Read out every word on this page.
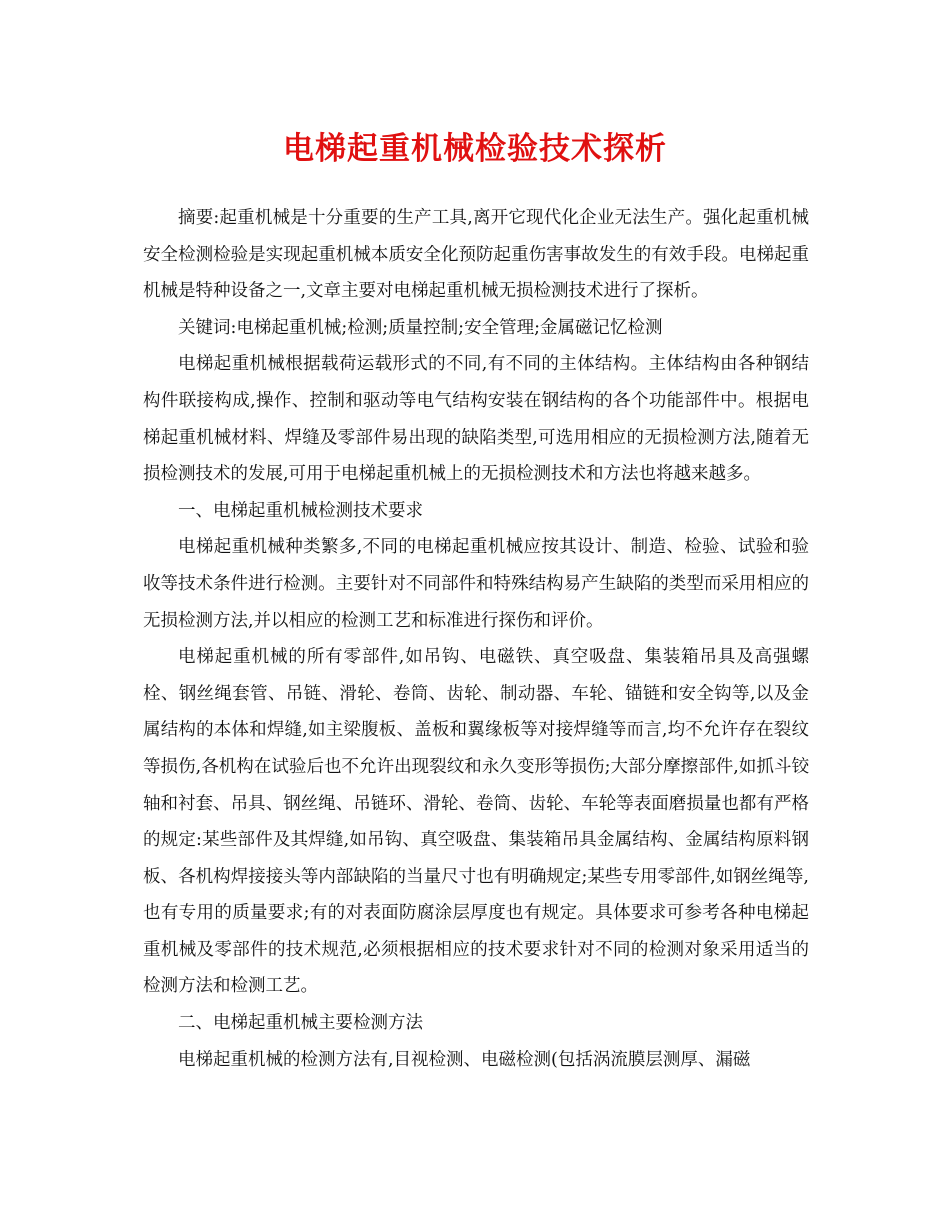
电梯起重机械检验技术探析

摘要:起重机械是十分重要的生产工具,离开它现代化企业无法生产。强化起重机械安全检测检验是实现起重机械本质安全化预防起重伤害事故发生的有效手段。电梯起重机械是特种设备之一,文章主要对电梯起重机械无损检测技术进行了探析。

关键词:电梯起重机械;检测;质量控制;安全管理;金属磁记忆检测

电梯起重机械根据载荷运载形式的不同,有不同的主体结构。主体结构由各种钢结构件联接构成,操作、控制和驱动等电气结构安装在钢结构的各个功能部件中。根据电梯起重机械材料、焊缝及零部件易出现的缺陷类型,可选用相应的无损检测方法,随着无损检测技术的发展,可用于电梯起重机械上的无损检测技术和方法也将越来越多。

一、电梯起重机械检测技术要求

电梯起重机械种类繁多,不同的电梯起重机械应按其设计、制造、检验、试验和验收等技术条件进行检测。主要针对不同部件和特殊结构易产生缺陷的类型而采用相应的无损检测方法,并以相应的检测工艺和标准进行探伤和评价。

电梯起重机械的所有零部件,如吊钩、电磁铁、真空吸盘、集装箱吊具及高强螺栓、钢丝绳套管、吊链、滑轮、卷筒、齿轮、制动器、车轮、锚链和安全钩等,以及金属结构的本体和焊缝,如主梁腹板、盖板和翼缘板等对接焊缝等而言,均不允许存在裂纹等损伤,各机构在试验后也不允许出现裂纹和永久变形等损伤;大部分摩擦部件,如抓斗铰轴和衬套、吊具、钢丝绳、吊链环、滑轮、卷筒、齿轮、车轮等表面磨损量也都有严格的规定:某些部件及其焊缝,如吊钩、真空吸盘、集装箱吊具金属结构、金属结构原料钢板、各机构焊接接头等内部缺陷的当量尺寸也有明确规定;某些专用零部件,如钢丝绳等,也有专用的质量要求;有的对表面防腐涂层厚度也有规定。具体要求可参考各种电梯起重机械及零部件的技术规范,必须根据相应的技术要求针对不同的检测对象采用适当的检测方法和检测工艺。

二、电梯起重机械主要检测方法

电梯起重机械的检测方法有,目视检测、电磁检测(包括涡流膜层测厚、漏磁
